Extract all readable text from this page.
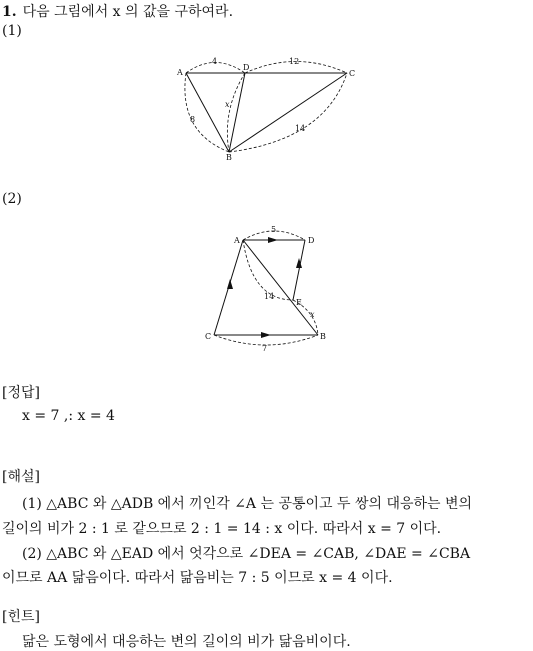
1. 다음 그림에서 x 의 값을 구하여라.
(1)
A
D
C
B
4	12
x
8
14
A	D
C	B
E
5
7
14
x
(2)
[정답]
x = 7 ,: x = 4
[해설]
(1) △ABC 와 △ADB 에서 끼인각 ∠A 는 공통이고 두 쌍의 대응하는 변의
길이의 비가 2 : 1 로 같으므로 2 : 1 = 14 : x 이다. 따라서 x = 7 이다.
(2) △ABC 와 △EAD 에서 엇각으로 ∠DEA = ∠CAB, ∠DAE = ∠CBA
이므로 AA 닮음이다. 따라서 닮음비는 7 : 5 이므로 x = 4 이다.
[힌트]
닮은 도형에서 대응하는 변의 길이의 비가 닮음비이다.
